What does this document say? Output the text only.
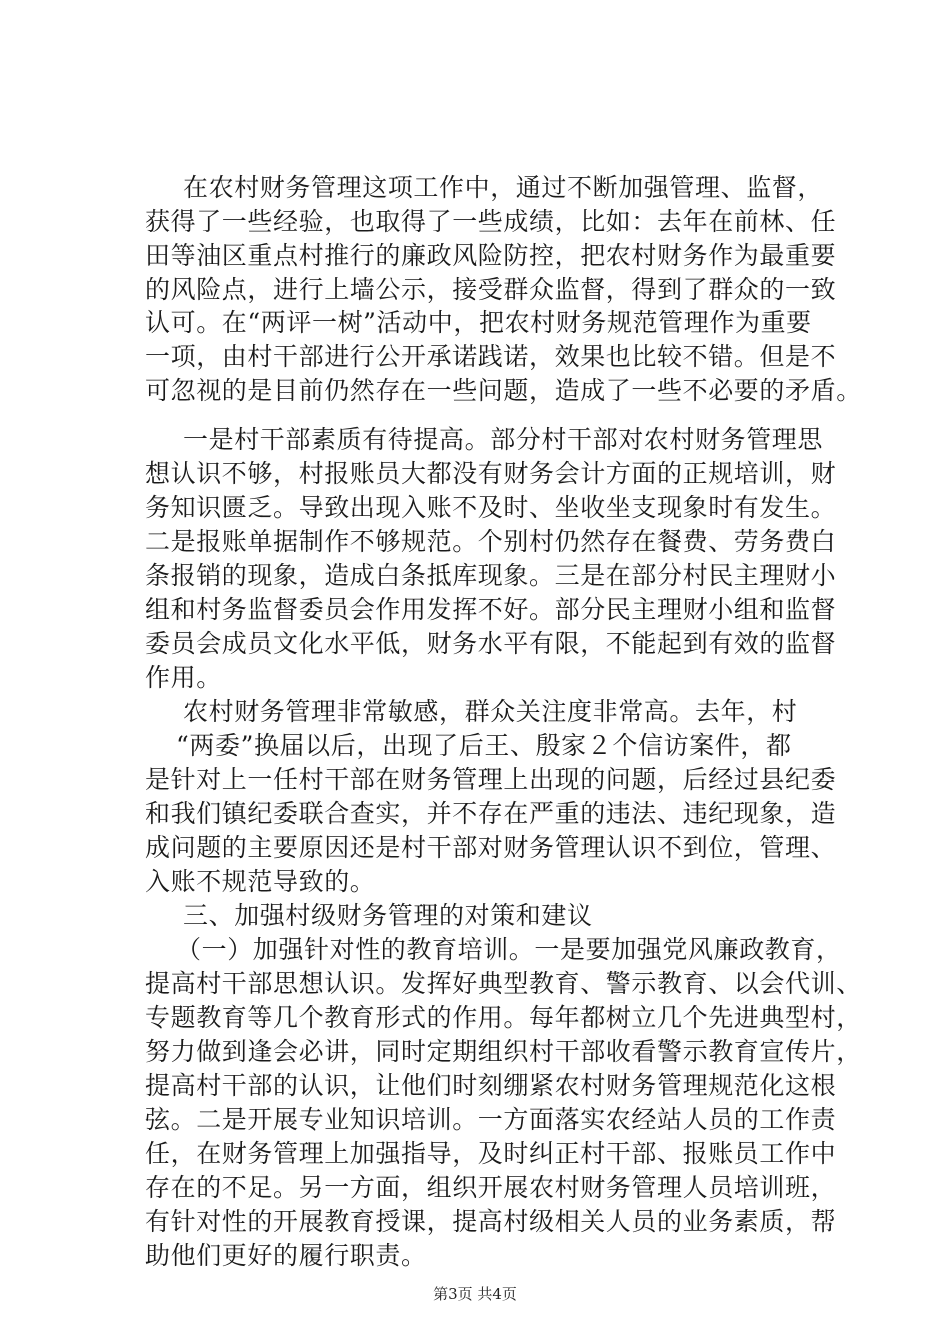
在农村财务管理这项工作中，通过不断加强管理、监督，
获得了一些经验，也取得了一些成绩，比如：去年在前林、任
田等油区重点村推行的廉政风险防控，把农村财务作为最重要
的风险点，进行上墙公示，接受群众监督，得到了群众的一致
认可。在“两评一树”活动中，把农村财务规范管理作为重要
一项，由村干部进行公开承诺践诺，效果也比较不错。但是不
可忽视的是目前仍然存在一些问题，造成了一些不必要的矛盾。
一是村干部素质有待提高。部分村干部对农村财务管理思
想认识不够，村报账员大都没有财务会计方面的正规培训，财
务知识匮乏。导致出现入账不及时、坐收坐支现象时有发生。
二是报账单据制作不够规范。个别村仍然存在餐费、劳务费白
条报销的现象，造成白条抵库现象。三是在部分村民主理财小
组和村务监督委员会作用发挥不好。部分民主理财小组和监督
委员会成员文化水平低，财务水平有限，不能起到有效的监督
作用。
农村财务管理非常敏感，群众关注度非常高。去年，村
“两委”换届以后，出现了后王、殷家２个信访案件，都
是针对上一任村干部在财务管理上出现的问题，后经过县纪委
和我们镇纪委联合查实，并不存在严重的违法、违纪现象，造
成问题的主要原因还是村干部对财务管理认识不到位，管理、
入账不规范导致的。
三、加强村级财务管理的对策和建议
（一）加强针对性的教育培训。一是要加强党风廉政教育，
提高村干部思想认识。发挥好典型教育、警示教育、以会代训、
专题教育等几个教育形式的作用。每年都树立几个先进典型村，
努力做到逢会必讲，同时定期组织村干部收看警示教育宣传片，
提高村干部的认识，让他们时刻绷紧农村财务管理规范化这根
弦。二是开展专业知识培训。一方面落实农经站人员的工作责
任，在财务管理上加强指导，及时纠正村干部、报账员工作中
存在的不足。另一方面，组织开展农村财务管理人员培训班，
有针对性的开展教育授课，提高村级相关人员的业务素质，帮
助他们更好的履行职责。
第3页 共4页
